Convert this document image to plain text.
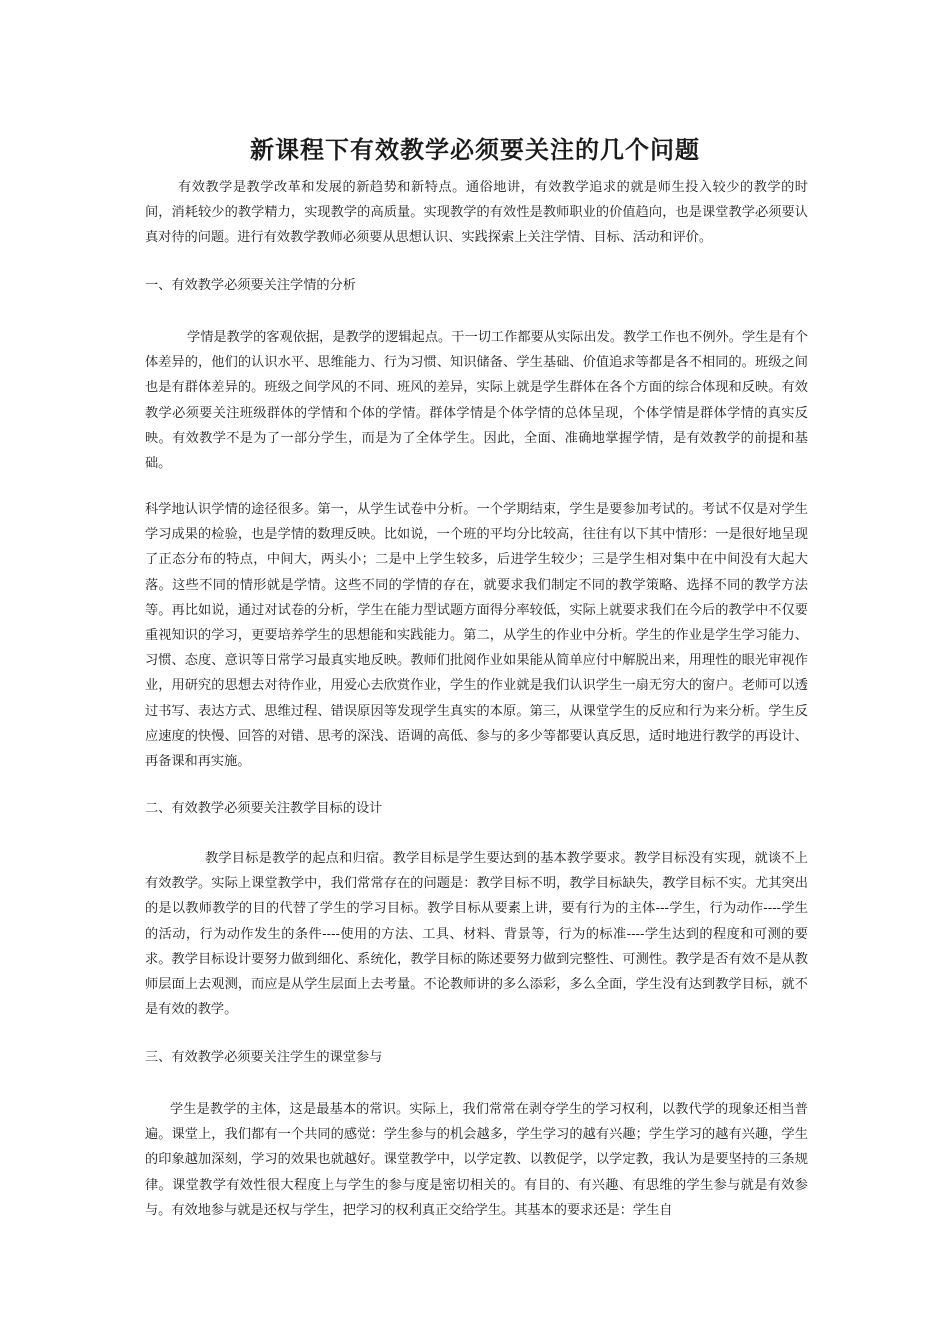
新课程下有效教学必须要关注的几个问题

有效教学是教学改革和发展的新趋势和新特点。通俗地讲，有效教学追求的就是师生投入较少的教学的时间，消耗较少的教学精力，实现教学的高质量。实现教学的有效性是教师职业的价值趋向，也是课堂教学必须要认真对待的问题。进行有效教学教师必须要从思想认识、实践探索上关注学情、目标、活动和评价。

一、有效教学必须要关注学情的分析

学情是教学的客观依据，是教学的逻辑起点。干一切工作都要从实际出发。教学工作也不例外。学生是有个体差异的，他们的认识水平、思维能力、行为习惯、知识储备、学生基础、价值追求等都是各不相同的。班级之间也是有群体差异的。班级之间学风的不同、班风的差异，实际上就是学生群体在各个方面的综合体现和反映。有效教学必须要关注班级群体的学情和个体的学情。群体学情是个体学情的总体呈现，个体学情是群体学情的真实反映。有效教学不是为了一部分学生，而是为了全体学生。因此，全面、准确地掌握学情，是有效教学的前提和基础。

科学地认识学情的途径很多。第一，从学生试卷中分析。一个学期结束，学生是要参加考试的。考试不仅是对学生学习成果的检验，也是学情的数理反映。比如说，一个班的平均分比较高，往往有以下其中情形：一是很好地呈现了正态分布的特点，中间大，两头小；二是中上学生较多，后进学生较少；三是学生相对集中在中间没有大起大落。这些不同的情形就是学情。这些不同的学情的存在，就要求我们制定不同的教学策略、选择不同的教学方法等。再比如说，通过对试卷的分析，学生在能力型试题方面得分率较低，实际上就要求我们在今后的教学中不仅要重视知识的学习，更要培养学生的思想能和实践能力。第二，从学生的作业中分析。学生的作业是学生学习能力、习惯、态度、意识等日常学习最真实地反映。教师们批阅作业如果能从简单应付中解脱出来，用理性的眼光审视作业，用研究的思想去对待作业，用爱心去欣赏作业，学生的作业就是我们认识学生一扇无穷大的窗户。老师可以透过书写、表达方式、思维过程、错误原因等发现学生真实的本原。第三，从课堂学生的反应和行为来分析。学生反应速度的快慢、回答的对错、思考的深浅、语调的高低、参与的多少等都要认真反思，适时地进行教学的再设计、再备课和再实施。

二、有效教学必须要关注教学目标的设计

教学目标是教学的起点和归宿。教学目标是学生要达到的基本教学要求。教学目标没有实现，就谈不上有效教学。实际上课堂教学中，我们常常存在的问题是：教学目标不明，教学目标缺失，教学目标不实。尤其突出的是以教师教学的目的代替了学生的学习目标。教学目标从要素上讲，要有行为的主体---学生，行为动作----学生的活动，行为动作发生的条件----使用的方法、工具、材料、背景等，行为的标准----学生达到的程度和可测的要求。教学目标设计要努力做到细化、系统化，教学目标的陈述要努力做到完整性、可测性。教学是否有效不是从教师层面上去观测，而应是从学生层面上去考量。不论教师讲的多么添彩，多么全面，学生没有达到教学目标，就不是有效的教学。

三、有效教学必须要关注学生的课堂参与

学生是教学的主体，这是最基本的常识。实际上，我们常常在剥夺学生的学习权利，以教代学的现象还相当普遍。课堂上，我们都有一个共同的感觉：学生参与的机会越多，学生学习的越有兴趣；学生学习的越有兴趣，学生的印象越加深刻，学习的效果也就越好。课堂教学中，以学定教、以教促学，以学定教，我认为是要坚持的三条规律。课堂教学有效性很大程度上与学生的参与度是密切相关的。有目的、有兴趣、有思维的学生参与就是有效参与。有效地参与就是还权与学生，把学习的权利真正交给学生。其基本的要求还是：学生自
